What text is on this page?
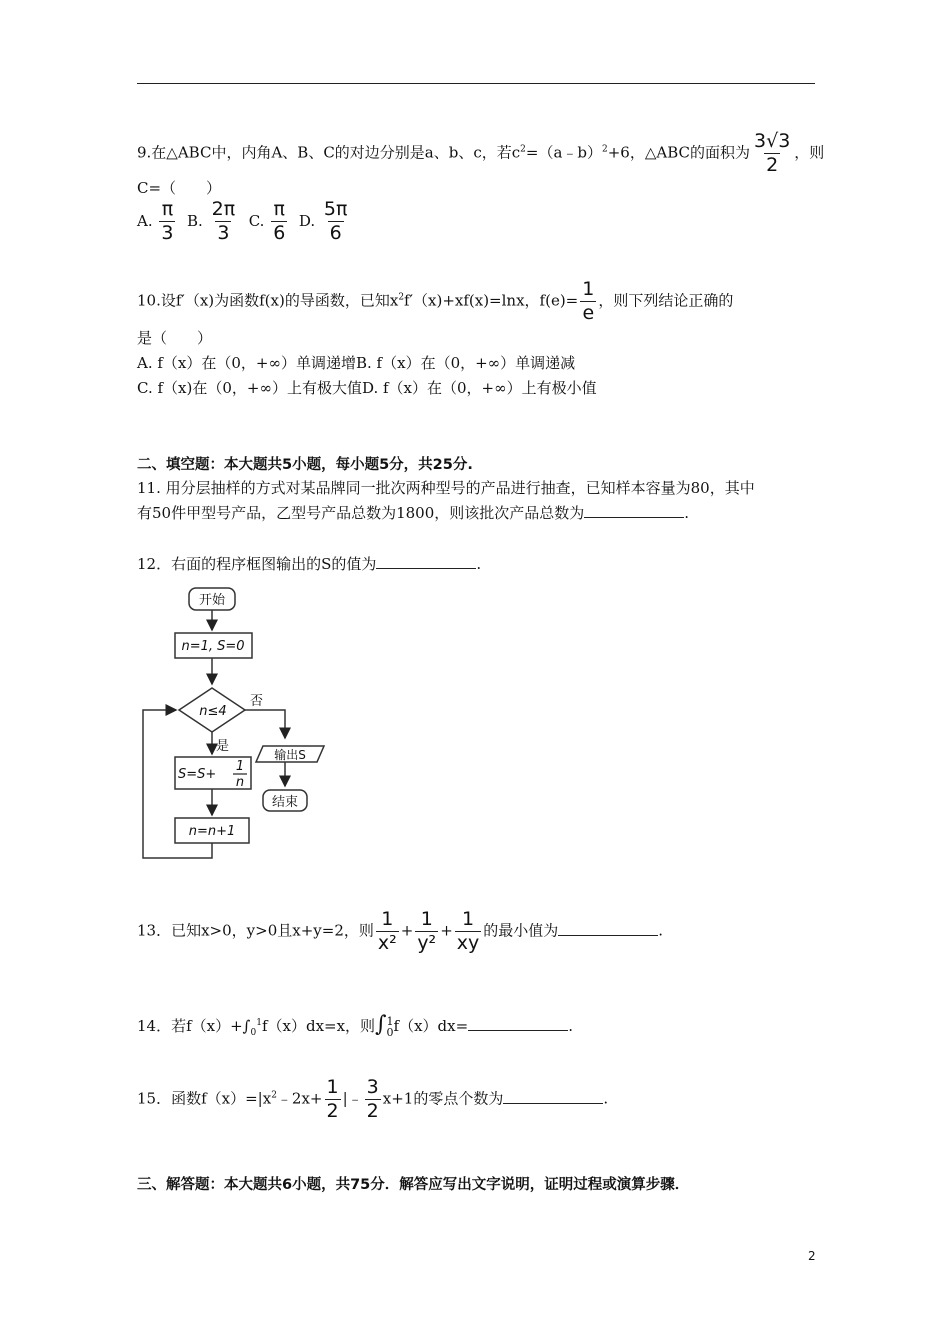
9.在△ABC中，内角A、B、C的对边分别是a、b、c，若$c^2=(a﹣b)^2+6$，△ABC的面积为 $\frac{3√3}{2}$ ，则
C=（　　）
A. $\frac{\pi}{3} B$. $\frac{2\pi}{3} C$. $\frac{\pi}{6} D$. $\frac{5\pi}{6}$
10.设f′（x)为函数f(x)的导函数，已知$x^2f'(x)+xf(x)=\ln x$，$f(e)= \frac{1}{e}$ ，则下列结论正确的
是（　　）
A. f（x）在（0，+∞）单调递增B. f（x）在（0，+∞）单调递减
C. f（x)在（0，+∞）上有极大值D. f（x）在（0，+∞）上有极小值
二、填空题：本大题共5小题，每小题5分，共25分.
11. 用分层抽样的方式对某品牌同一批次两种型号的产品进行抽查，已知样本容量为80，其中
有50件甲型号产品，乙型号产品总数为1800，则该批次产品总数为	.
12．右面的程序框图输出的S的值为	.
开始
n=1, S=0
n≤4
否
是
输出S
结束
S=S+
1
n
n=n+1
13．已知x>0，y>0且x+y=2，则 $\frac{1}{\text{x²}} + \frac{1}{\text{y²}} + \frac{1}{xy}$ 的最小值为	.
14．若$f(x)+\int_0^1f(x)dx=x$，则∫ 1
0 f（x）dx=	.
15．函数$f(x)=|x^2﹣2x+ \frac{1}{2}$ |﹣ $\frac{3}{2} x+1$的零点个数为	.
三、解答题：本大题共6小题，共75分．解答应写出文字说明，证明过程或演算步骤．
2
